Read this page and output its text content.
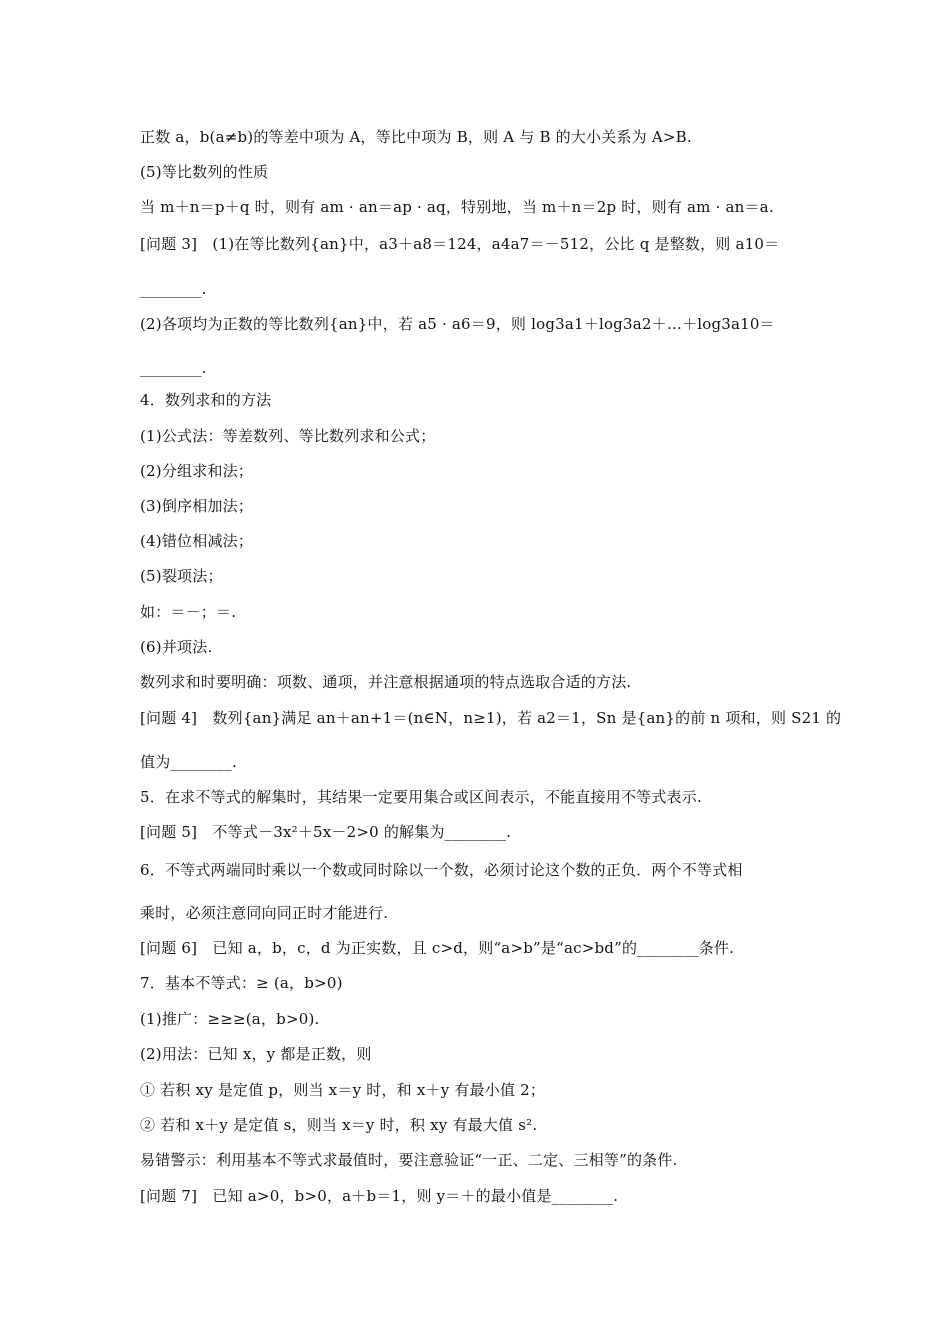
正数 a，b(a≠b)的等差中项为 A，等比中项为 B，则 A 与 B 的大小关系为 A>B.
(5)等比数列的性质
当 m＋n＝p＋q 时，则有 am · an＝ap · aq，特别地，当 m＋n＝2p 时，则有 am · an＝a.
[问题 3]　(1)在等比数列{an}中，a3＋a8＝124，a4a7＝－512，公比 q 是整数，则 a10＝
________.
(2)各项均为正数的等比数列{an}中，若 a5 · a6＝9，则 log3a1＋log3a2＋…＋log3a10＝
________.
4．数列求和的方法
(1)公式法：等差数列、等比数列求和公式；
(2)分组求和法；
(3)倒序相加法；
(4)错位相减法；
(5)裂项法；
如：＝－；＝.
(6)并项法.
数列求和时要明确：项数、通项，并注意根据通项的特点选取合适的方法.
[问题 4]　数列{an}满足 an＋an+1＝(n∈N，n≥1)，若 a2＝1，Sn 是{an}的前 n 项和，则 S21 的
值为________.
5．在求不等式的解集时，其结果一定要用集合或区间表示，不能直接用不等式表示.
[问题 5]　不等式－3x²＋5x－2>0 的解集为________.
6．不等式两端同时乘以一个数或同时除以一个数，必须讨论这个数的正负．两个不等式相
乘时，必须注意同向同正时才能进行.
[问题 6]　已知 a，b，c，d 为正实数，且 c>d，则“a>b”是“ac>bd”的________条件.
7．基本不等式：≥ (a，b>0)
(1)推广：≥≥≥(a，b>0).
(2)用法：已知 x，y 都是正数，则
① 若积 xy 是定值 p，则当 x＝y 时，和 x＋y 有最小值 2；
② 若和 x＋y 是定值 s，则当 x＝y 时，积 xy 有最大值 s².
易错警示：利用基本不等式求最值时，要注意验证“一正、二定、三相等”的条件.
[问题 7]　已知 a>0，b>0，a＋b＝1，则 y＝＋的最小值是________.
